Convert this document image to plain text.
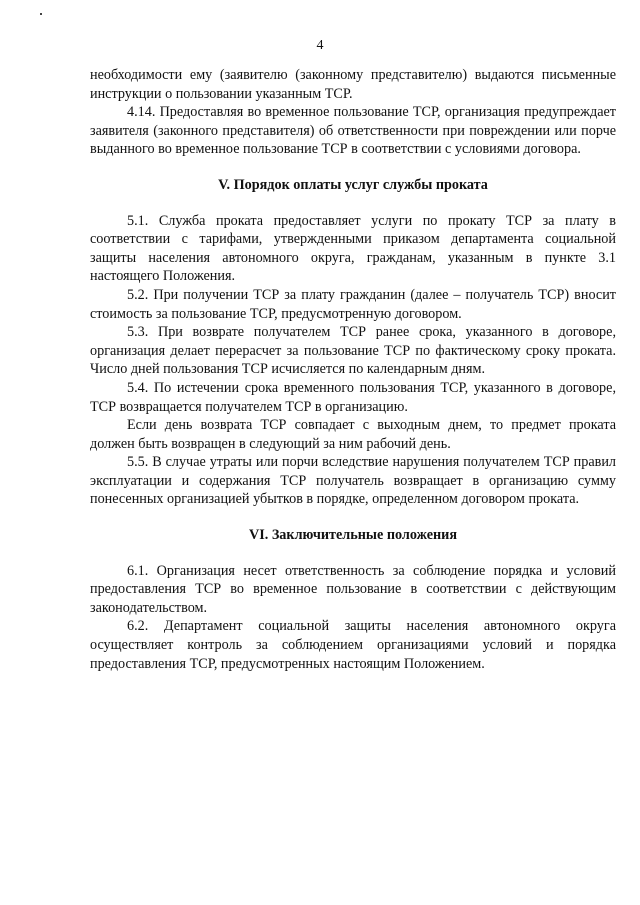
4

необходимости ему (заявителю (законному представителю) выдаются письменные инструкции о пользовании указанным ТСР.

4.14. Предоставляя во временное пользование ТСР, организация предупреждает заявителя (законного представителя) об ответственности при повреждении или порче выданного во временное пользование ТСР в соответствии с условиями договора.

V. Порядок оплаты услуг службы проката

5.1. Служба проката предоставляет услуги по прокату ТСР за плату в соответствии с тарифами, утвержденными приказом департамента социальной защиты населения автономного округа, гражданам, указанным в пункте 3.1 настоящего Положения.

5.2. При получении ТСР за плату гражданин (далее – получатель ТСР) вносит стоимость за пользование ТСР, предусмотренную договором.

5.3. При возврате получателем ТСР ранее срока, указанного в договоре, организация делает перерасчет за пользование ТСР по фактическому сроку проката. Число дней пользования ТСР исчисляется по календарным дням.

5.4. По истечении срока временного пользования ТСР, указанного в договоре, ТСР возвращается получателем ТСР в организацию.

Если день возврата ТСР совпадает с выходным днем, то предмет проката должен быть возвращен в следующий за ним рабочий день.

5.5. В случае утраты или порчи вследствие нарушения получателем ТСР правил эксплуатации и содержания ТСР получатель возвращает в организацию сумму понесенных организацией убытков в порядке, определенном договором проката.

VI. Заключительные положения

6.1. Организация несет ответственность за соблюдение порядка и условий предоставления ТСР во временное пользование в соответствии с действующим законодательством.

6.2. Департамент социальной защиты населения автономного округа осуществляет контроль за соблюдением организациями условий и порядка предоставления ТСР, предусмотренных настоящим Положением.
